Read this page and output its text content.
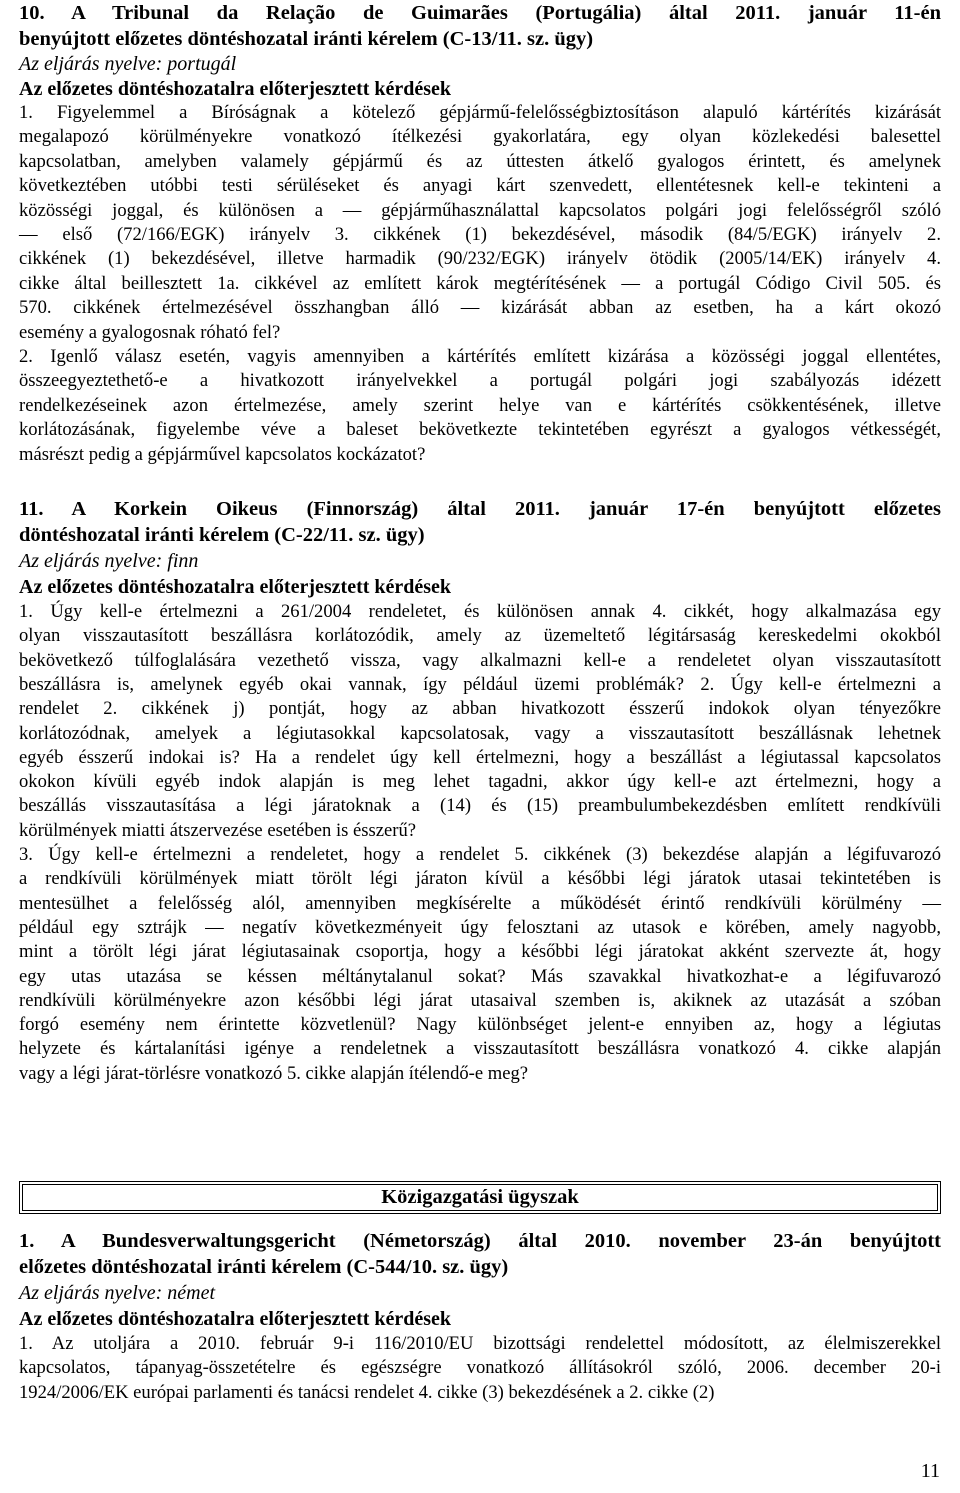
10. A Tribunal da Relação de Guimarães (Portugália) által 2011. január 11-én
benyújtott előzetes döntéshozatal iránti kérelem (C-13/11. sz. ügy)
Az eljárás nyelve: portugál
Az előzetes döntéshozatalra előterjesztett kérdések
1. Figyelemmel a Bíróságnak a kötelező gépjármű-felelősségbiztosításon alapuló kártérítés kizárását
megalapozó körülményekre vonatkozó ítélkezési gyakorlatára, egy olyan közlekedési balesettel
kapcsolatban, amelyben valamely gépjármű és az úttesten átkelő gyalogos érintett, és amelynek
következtében utóbbi testi sérüléseket és anyagi kárt szenvedett, ellentétesnek kell-e tekinteni a
közösségi joggal, és különösen a — gépjárműhasználattal kapcsolatos polgári jogi felelősségről szóló
— első (72/166/EGK) irányelv 3. cikkének (1) bekezdésével, második (84/5/EGK) irányelv 2.
cikkének (1) bekezdésével, illetve harmadik (90/232/EGK) irányelv ötödik (2005/14/EK) irányelv 4.
cikke által beillesztett 1a. cikkével az említett károk megtérítésének — a portugál Código Civil 505. és
570. cikkének értelmezésével összhangban álló — kizárását abban az esetben, ha a kárt okozó
esemény a gyalogosnak róható fel?
2. Igenlő válasz esetén, vagyis amennyiben a kártérítés említett kizárása a közösségi joggal ellentétes,
összeegyeztethető-e a hivatkozott irányelvekkel a portugál polgári jogi szabályozás idézett
rendelkezéseinek azon értelmezése, amely szerint helye van e kártérítés csökkentésének, illetve
korlátozásának, figyelembe véve a baleset bekövetkezte tekintetében egyrészt a gyalogos vétkességét,
másrészt pedig a gépjárművel kapcsolatos kockázatot?
11. A Korkein Oikeus (Finnország) által 2011. január 17-én benyújtott előzetes
döntéshozatal iránti kérelem (C-22/11. sz. ügy)
Az eljárás nyelve: finn
Az előzetes döntéshozatalra előterjesztett kérdések
1. Úgy kell-e értelmezni a 261/2004 rendeletet, és különösen annak 4. cikkét, hogy alkalmazása egy
olyan visszautasított beszállásra korlátozódik, amely az üzemeltető légitársaság kereskedelmi okokból
bekövetkező túlfoglalására vezethető vissza, vagy alkalmazni kell-e a rendeletet olyan visszautasított
beszállásra is, amelynek egyéb okai vannak, így például üzemi problémák? 2. Úgy kell-e értelmezni a
rendelet 2. cikkének j) pontját, hogy az abban hivatkozott ésszerű indokok olyan tényezőkre
korlátozódnak, amelyek a légiutasokkal kapcsolatosak, vagy a visszautasított beszállásnak lehetnek
egyéb ésszerű indokai is? Ha a rendelet úgy kell értelmezni, hogy a beszállást a légiutassal kapcsolatos
okokon kívüli egyéb indok alapján is meg lehet tagadni, akkor úgy kell-e azt értelmezni, hogy a
beszállás visszautasítása a légi járatoknak a (14) és (15) preambulumbekezdésben említett rendkívüli
körülmények miatti átszervezése esetében is ésszerű?
3. Úgy kell-e értelmezni a rendeletet, hogy a rendelet 5. cikkének (3) bekezdése alapján a légifuvarozó
a rendkívüli körülmények miatt törölt légi járaton kívül a későbbi légi járatok utasai tekintetében is
mentesülhet a felelősség alól, amennyiben megkísérelte a működését érintő rendkívüli körülmény —
például egy sztrájk — negatív következményeit úgy felosztani az utasok e körében, amely nagyobb,
mint a törölt légi járat légiutasainak csoportja, hogy a későbbi légi járatokat akként szervezte át, hogy
egy utas utazása se késsen méltánytalanul sokat? Más szavakkal hivatkozhat-e a légifuvarozó
rendkívüli körülményekre azon későbbi légi járat utasaival szemben is, akiknek az utazását a szóban
forgó esemény nem érintette közvetlenül? Nagy különbséget jelent-e ennyiben az, hogy a légiutas
helyzete és kártalanítási igénye a rendeletnek a visszautasított beszállásra vonatkozó 4. cikke alapján
vagy a légi járat-törlésre vonatkozó 5. cikke alapján ítélendő-e meg?
Közigazgatási ügyszak
1. A Bundesverwaltungsgericht (Németország) által 2010. november 23-án benyújtott
előzetes döntéshozatal iránti kérelem (C-544/10. sz. ügy)
Az eljárás nyelve: német
Az előzetes döntéshozatalra előterjesztett kérdések
1. Az utoljára a 2010. február 9-i 116/2010/EU bizottsági rendelettel módosított, az élelmiszerekkel
kapcsolatos, tápanyag-összetételre és egészségre vonatkozó állításokról szóló, 2006. december 20-i
1924/2006/EK európai parlamenti és tanácsi rendelet 4. cikke (3) bekezdésének a 2. cikke (2)
11
